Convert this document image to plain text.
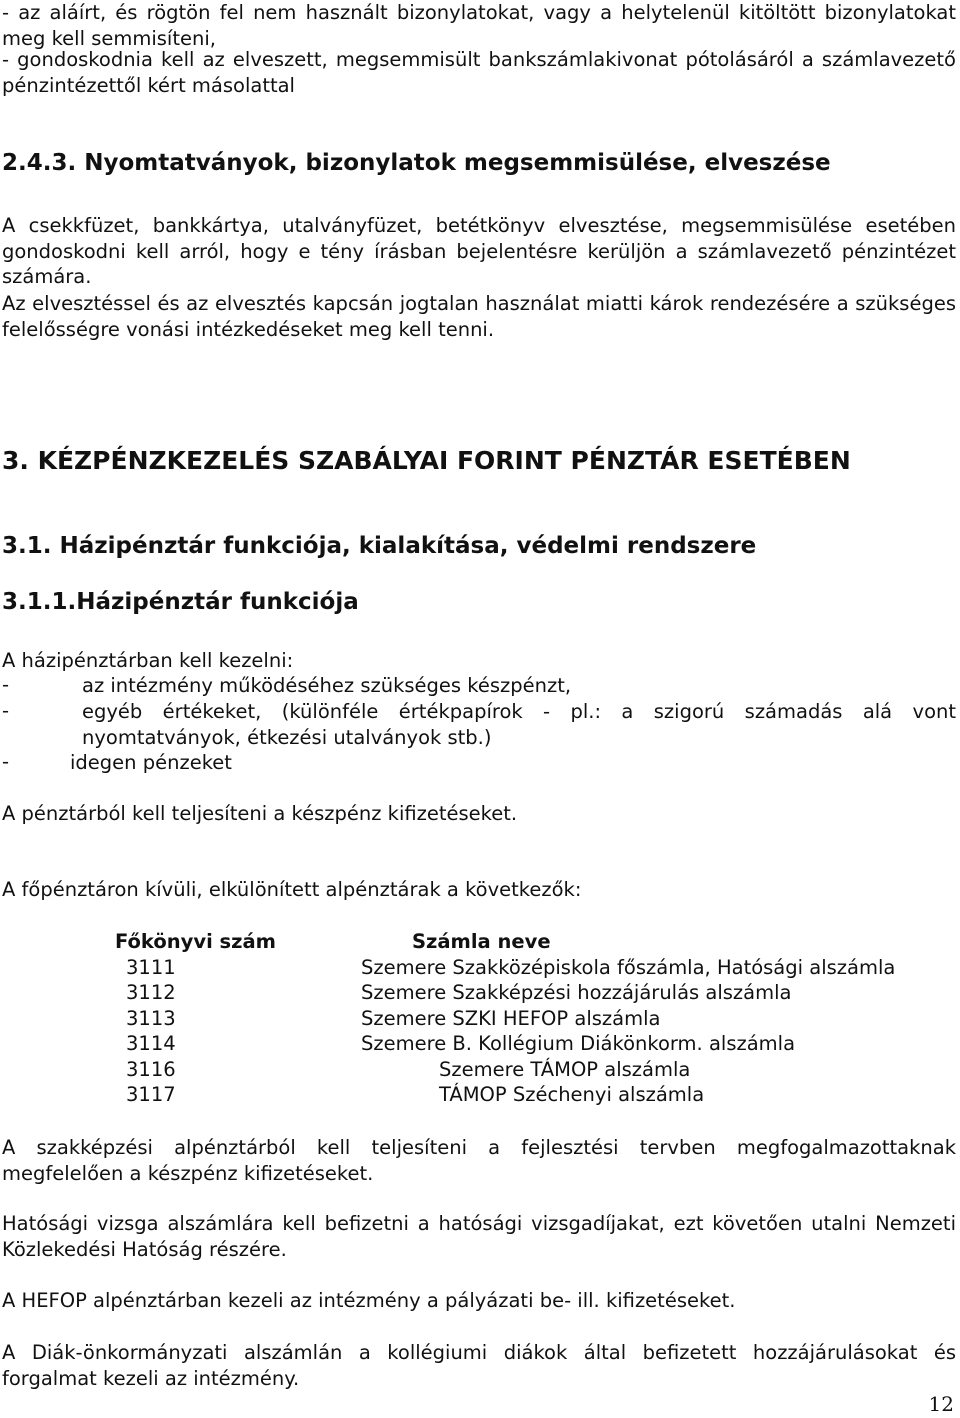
- az aláírt, és rögtön fel nem használt bizonylatokat, vagy a helytelenül kitöltött bizonylatokat meg kell semmisíteni,

- gondoskodnia kell az elveszett, megsemmisült bankszámlakivonat pótolásáról a számlavezető pénzintézettől kért másolattal

2.4.3. Nyomtatványok, bizonylatok megsemmisülése, elveszése

A csekkfüzet, bankkártya, utalványfüzet, betétkönyv elvesztése, megsemmisülése esetében gondoskodni kell arról, hogy e tény írásban bejelentésre kerüljön a számlavezető pénzintézet számára.

Az elvesztéssel és az elvesztés kapcsán jogtalan használat miatti károk rendezésére a szükséges felelősségre vonási intézkedéseket meg kell tenni.

3. KÉZPÉNZKEZELÉS SZABÁLYAI FORINT PÉNZTÁR ESETÉBEN
3.1. Házipénztár funkciója, kialakítása, védelmi rendszere
3.1.1.Házipénztár funkciója

A házipénztárban kell kezelni:

-	az intézmény működéséhez szükséges készpénzt,
-	egyéb értékeket, (különféle értékpapírok - pl.: a szigorú számadás alá vont nyomtatványok, étkezési utalványok stb.)
-	idegen pénzeket

A pénztárból kell teljesíteni a készpénz kifizetéseket.

A főpénztáron kívüli, elkülönített alpénztárak a következők:

Főkönyvi szám	Számla neve
3111	Szemere Szakközépiskola főszámla, Hatósági alszámla
3112	Szemere Szakképzési hozzájárulás alszámla
3113	Szemere SZKI HEFOP alszámla
3114	Szemere B. Kollégium Diákönkorm. alszámla
3116	Szemere TÁMOP alszámla
3117	TÁMOP Széchenyi alszámla

A szakképzési alpénztárból kell teljesíteni a fejlesztési tervben megfogalmazottaknak megfelelően a készpénz kifizetéseket.

Hatósági vizsga alszámlára kell befizetni a hatósági vizsgadíjakat, ezt követően utalni Nemzeti Közlekedési Hatóság részére.

A HEFOP alpénztárban kezeli az intézmény a pályázati be- ill. kifizetéseket.

A Diák-önkormányzati alszámlán a kollégiumi diákok által befizetett hozzájárulásokat és forgalmat kezeli az intézmény.

12
